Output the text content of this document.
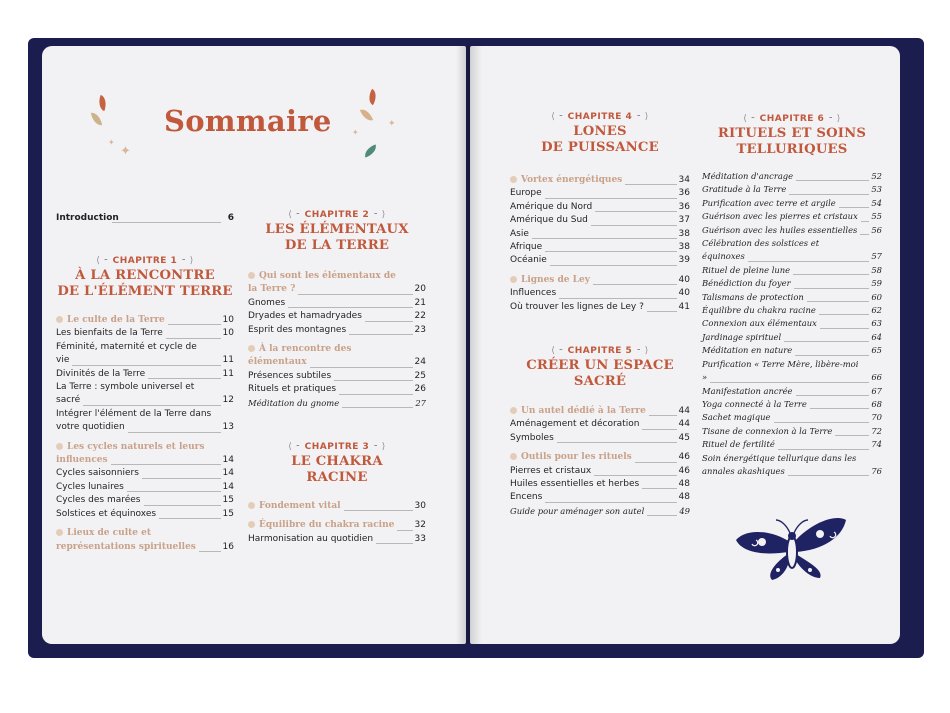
✦
✦
✦
✦
Sommaire
Introduction	6
⟨ ⁃ CHAPITRE 1 ⁃ ⟩
À LA RENCONTRE
DE L'ÉLÉMENT TERRE
Le culte de la Terre	10
Les bienfaits de la Terre	10
Féminité, maternité et cycle de vie	11
Divinités de la Terre	11
La Terre : symbole universel et sacré	12
Intégrer l'élément de la Terre dans votre quotidien	13
Les cycles naturels et leurs influences	14
Cycles saisonniers	14
Cycles lunaires	14
Cycles des marées	15
Solstices et équinoxes	15
Lieux de culte et représentations spirituelles	16
⟨ ⁃ CHAPITRE 2 ⁃ ⟩
LES ÉLÉMENTAUX
DE LA TERRE
Qui sont les élémentaux de la Terre ?	20
Gnomes	21
Dryades et hamadryades	22
Esprit des montagnes	23
À la rencontre des élémentaux	24
Présences subtiles	25
Rituels et pratiques	26
Méditation du gnome	27
⟨ ⁃ CHAPITRE 3 ⁃ ⟩
LE CHAKRA
RACINE
Fondement vital	30
Équilibre du chakra racine	32
Harmonisation au quotidien	33
⟨ ⁃ CHAPITRE 4 ⁃ ⟩
LONES
DE PUISSANCE
Vortex énergétiques	34
Europe	36
Amérique du Nord	36
Amérique du Sud	37
Asie	38
Afrique	38
Océanie	39
Lignes de Ley	40
Influences	40
Où trouver les lignes de Ley ?	41
⟨ ⁃ CHAPITRE 5 ⁃ ⟩
CRÉER UN ESPACE
SACRÉ
Un autel dédié à la Terre	44
Aménagement et décoration	44
Symboles	45
Outils pour les rituels	46
Pierres et cristaux	46
Huiles essentielles et herbes	48
Encens	48
Guide pour aménager son autel	49
⟨ ⁃ CHAPITRE 6 ⁃ ⟩
RITUELS ET SOINS
TELLURIQUES
Méditation d'ancrage	52
Gratitude à la Terre	53
Purification avec terre et argile	54
Guérison avec les pierres et cristaux	55
Guérison avec les huiles essentielles	56
Célébration des solstices et équinoxes	57
Rituel de pleine lune	58
Bénédiction du foyer	59
Talismans de protection	60
Équilibre du chakra racine	62
Connexion aux élémentaux	63
Jardinage spirituel	64
Méditation en nature	65
Purification « Terre Mère, libère-moi »	66
Manifestation ancrée	67
Yoga connecté à la Terre	68
Sachet magique	70
Tisane de connexion à la Terre	72
Rituel de fertilité	74
Soin énergétique tellurique dans les annales akashiques	76
